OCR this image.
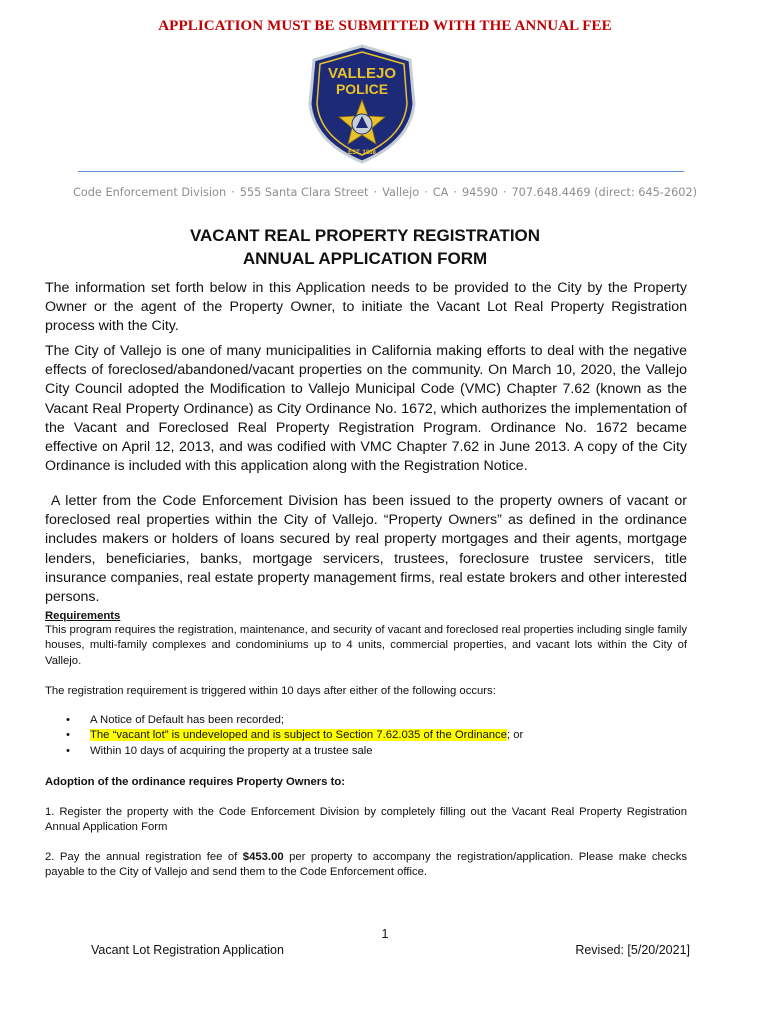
APPLICATION MUST BE SUBMITTED WITH THE ANNUAL FEE
VALLEJO
POLICE
EST. 1868
Code Enforcement Division · 555 Santa Clara Street · Vallejo · CA · 94590 · 707.648.4469 (direct: 645-2602)
VACANT REAL PROPERTY REGISTRATION
ANNUAL APPLICATION FORM
The information set forth below in this Application needs to be provided to the City by the Property Owner or the agent of the Property Owner, to initiate the Vacant Lot Real Property Registration process with the City.
The City of Vallejo is one of many municipalities in California making efforts to deal with the negative effects of foreclosed/abandoned/vacant properties on the community. On March 10, 2020, the Vallejo City Council adopted the Modification to Vallejo Municipal Code (VMC) Chapter 7.62 (known as the Vacant Real Property Ordinance) as City Ordinance No. 1672, which authorizes the implementation of the Vacant and Foreclosed Real Property Registration Program. Ordinance No. 1672 became effective on April 12, 2013, and was codified with VMC Chapter 7.62 in June 2013. A copy of the City Ordinance is included with this application along with the Registration Notice.
A letter from the Code Enforcement Division has been issued to the property owners of vacant or foreclosed real properties within the City of Vallejo. “Property Owners” as defined in the ordinance includes makers or holders of loans secured by real property mortgages and their agents, mortgage lenders, beneficiaries, banks, mortgage servicers, trustees, foreclosure trustee servicers, title insurance companies, real estate property management firms, real estate brokers and other interested persons.
Requirements
This program requires the registration, maintenance, and security of vacant and foreclosed real properties including single family houses, multi-family complexes and condominiums up to 4 units, commercial properties, and vacant lots within the City of Vallejo.
The registration requirement is triggered within 10 days after either of the following occurs:
• A Notice of Default has been recorded;
• The “vacant lot” is undeveloped and is subject to Section 7.62.035 of the Ordinance; or
• Within 10 days of acquiring the property at a trustee sale
Adoption of the ordinance requires Property Owners to:
1. Register the property with the Code Enforcement Division by completely filling out the Vacant Real Property Registration Annual Application Form
2. Pay the annual registration fee of $453.00 per property to accompany the registration/application. Please make checks payable to the City of Vallejo and send them to the Code Enforcement office.
1
Vacant Lot Registration Application	Revised: [5/20/2021]
